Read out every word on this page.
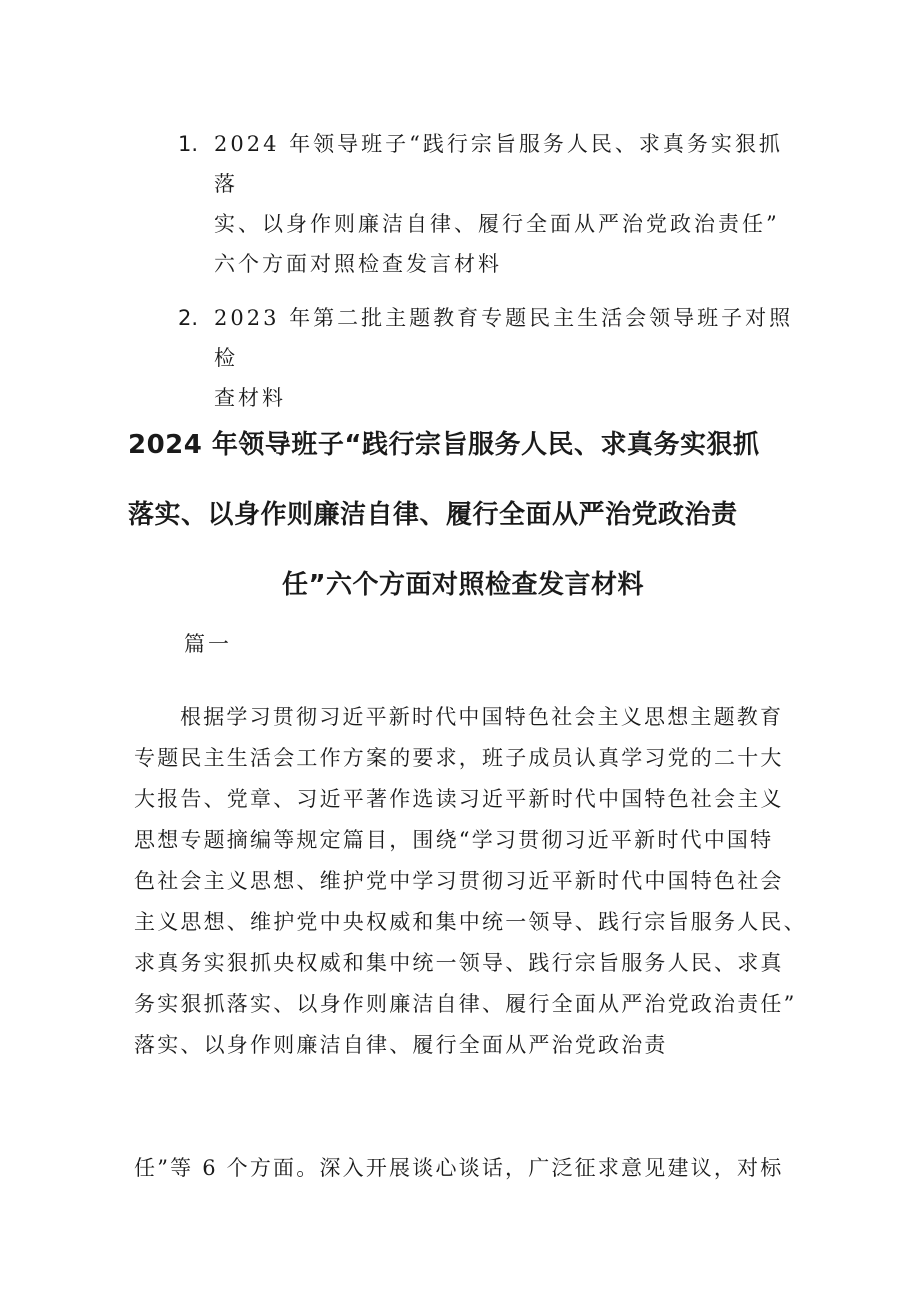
1. 2024 年领导班子“践行宗旨服务人民、求真务实狠抓落
实、以身作则廉洁自律、履行全面从严治党政治责任”
六个方面对照检查发言材料
2. 2023 年第二批主题教育专题民主生活会领导班子对照检
查材料
2024 年领导班子“践行宗旨服务人民、求真务实狠抓
落实、以身作则廉洁自律、履行全面从严治党政治责
任”六个方面对照检查发言材料
篇一
根据学习贯彻习近平新时代中国特色社会主义思想主题教育
专题民主生活会工作方案的要求，班子成员认真学习党的二十大
大报告、党章、习近平著作选读习近平新时代中国特色社会主义
思想专题摘编等规定篇目，围绕“学习贯彻习近平新时代中国特
色社会主义思想、维护党中学习贯彻习近平新时代中国特色社会
主义思想、维护党中央权威和集中统一领导、践行宗旨服务人民、
求真务实狠抓央权威和集中统一领导、践行宗旨服务人民、求真
务实狠抓落实、以身作则廉洁自律、履行全面从严治党政治责任”
落实、以身作则廉洁自律、履行全面从严治党政治责
任”等 6 个方面。深入开展谈心谈话，广泛征求意见建议，对标
